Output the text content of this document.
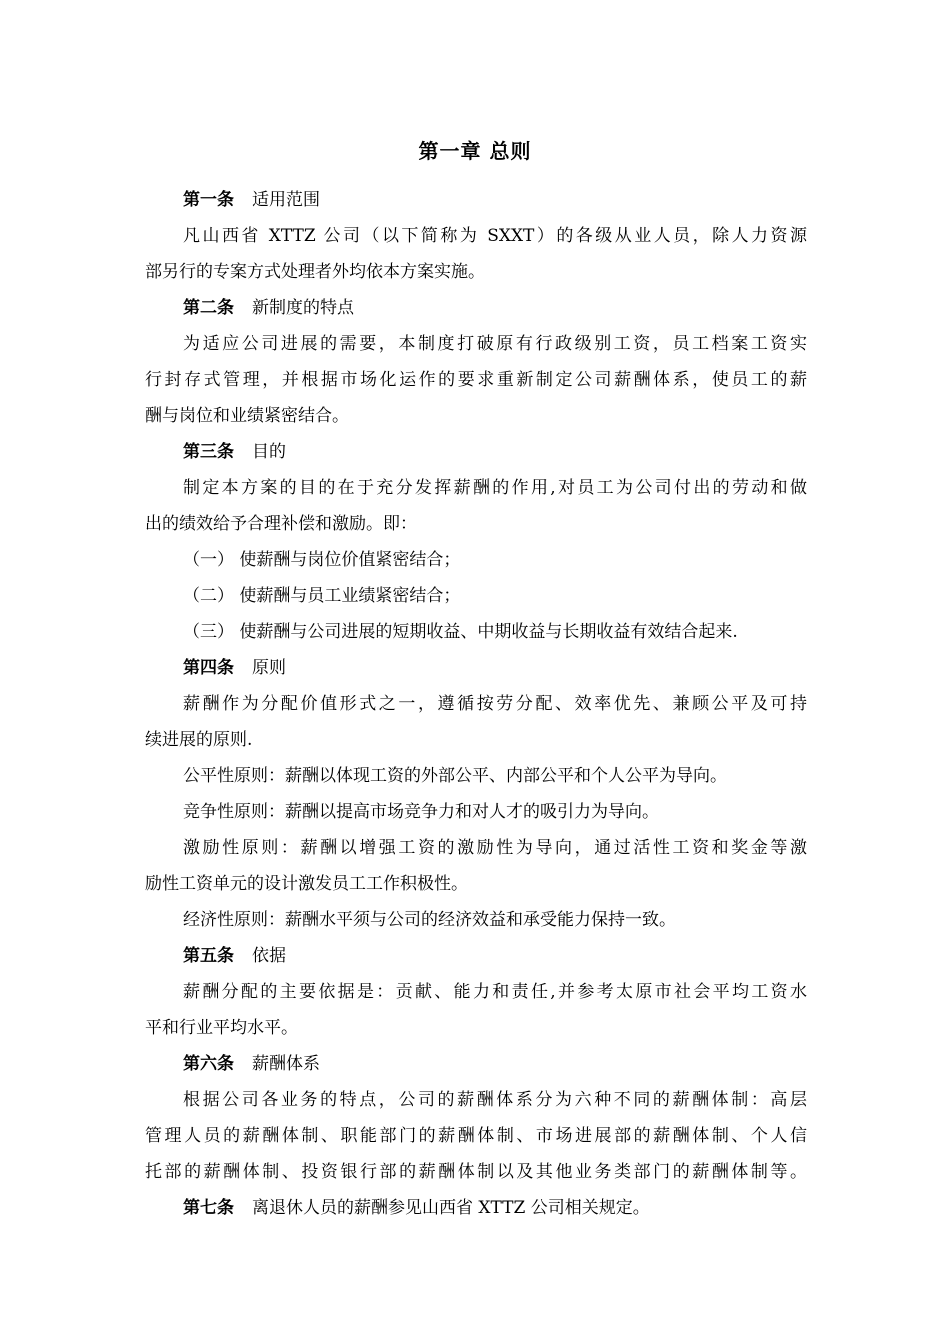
第一章 总则
第一条 适用范围
凡山西省 XTTZ 公司（以下简称为 SXXT）的各级从业人员，除人力资源
部另行的专案方式处理者外均依本方案实施。
第二条 新制度的特点
为适应公司进展的需要，本制度打破原有行政级别工资，员工档案工资实
行封存式管理，并根据市场化运作的要求重新制定公司薪酬体系，使员工的薪
酬与岗位和业绩紧密结合。
第三条 目的
制定本方案的目的在于充分发挥薪酬的作用,对员工为公司付出的劳动和做
出的绩效给予合理补偿和激励。即：
（一） 使薪酬与岗位价值紧密结合；
（二） 使薪酬与员工业绩紧密结合；
（三） 使薪酬与公司进展的短期收益、中期收益与长期收益有效结合起来.
第四条 原则
薪酬作为分配价值形式之一，遵循按劳分配、效率优先、兼顾公平及可持
续进展的原则.
公平性原则：薪酬以体现工资的外部公平、内部公平和个人公平为导向。
竞争性原则：薪酬以提高市场竞争力和对人才的吸引力为导向。
激励性原则：薪酬以增强工资的激励性为导向，通过活性工资和奖金等激
励性工资单元的设计激发员工工作积极性。
经济性原则：薪酬水平须与公司的经济效益和承受能力保持一致。
第五条 依据
薪酬分配的主要依据是：贡献、能力和责任,并参考太原市社会平均工资水
平和行业平均水平。
第六条 薪酬体系
根据公司各业务的特点，公司的薪酬体系分为六种不同的薪酬体制：高层
管理人员的薪酬体制、职能部门的薪酬体制、市场进展部的薪酬体制、个人信
托部的薪酬体制、投资银行部的薪酬体制以及其他业务类部门的薪酬体制等。
第七条 离退休人员的薪酬参见山西省 XTTZ 公司相关规定。
